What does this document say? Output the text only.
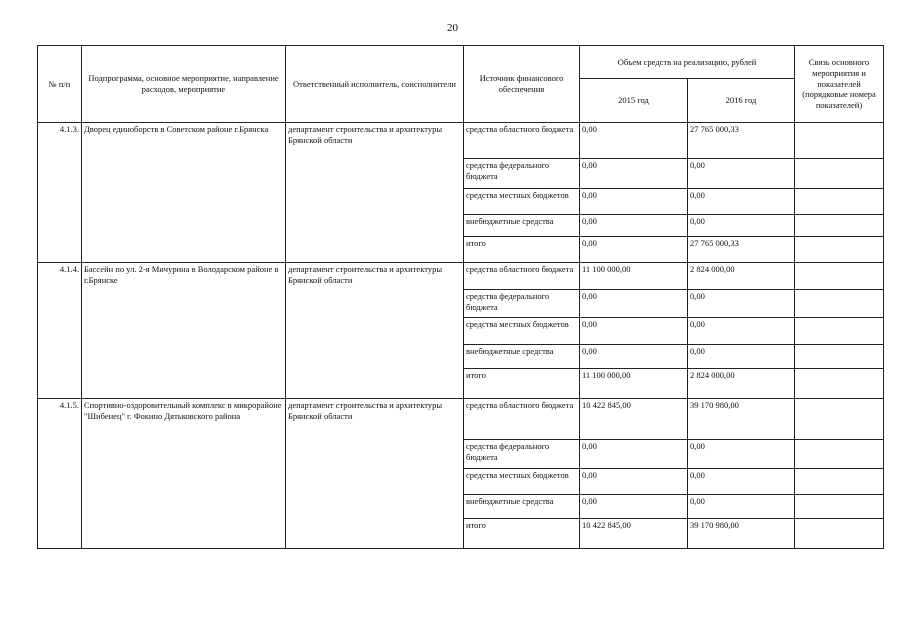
20
№ п/п	Подпрограмма, основное мероприятие, направление расходов, мероприятие	Ответственный исполнитель, соисполнители	Источник финансового обеспечения	Объем средств на реализацию, рублей		Связь основного мероприятия и показателей (порядковые номера показателей)
				2015 год	2016 год	
4.1.3.	Дворец единоборств в Советском районе г.Брянска	департамент строительства и архитектуры Брянской области	средства областного бюджета	0,00	27 765 000,33	
			средства федерального бюджета	0,00	0,00	
			средства местных бюджетов	0,00	0,00	
			внебюджетные средства	0,00	0,00	
			итого	0,00	27 765 000,33	
4.1.4.	Бассейн по ул. 2-я Мичурина в Володарском районе в г.Брянске	департамент строительства и архитектуры Брянской области	средства областного бюджета	11 100 000,00	2 824 000,00	
			средства федерального бюджета	0,00	0,00	
			средства местных бюджетов	0,00	0,00	
			внебюджетные средства	0,00	0,00	
			итого	11 100 000,00	2 824 000,00	
4.1.5.	Спортивно-оздоровительный комплекс в микрорайоне "Шибенец" г. Фокино Дятьковского района	департамент строительства и архитектуры Брянской области	средства областного бюджета	10 422 845,00	39 170 980,00	
			средства федерального бюджета	0,00	0,00	
			средства местных бюджетов	0,00	0,00	
			внебюджетные средства	0,00	0,00	
			итого	10 422 845,00	39 170 980,00	
